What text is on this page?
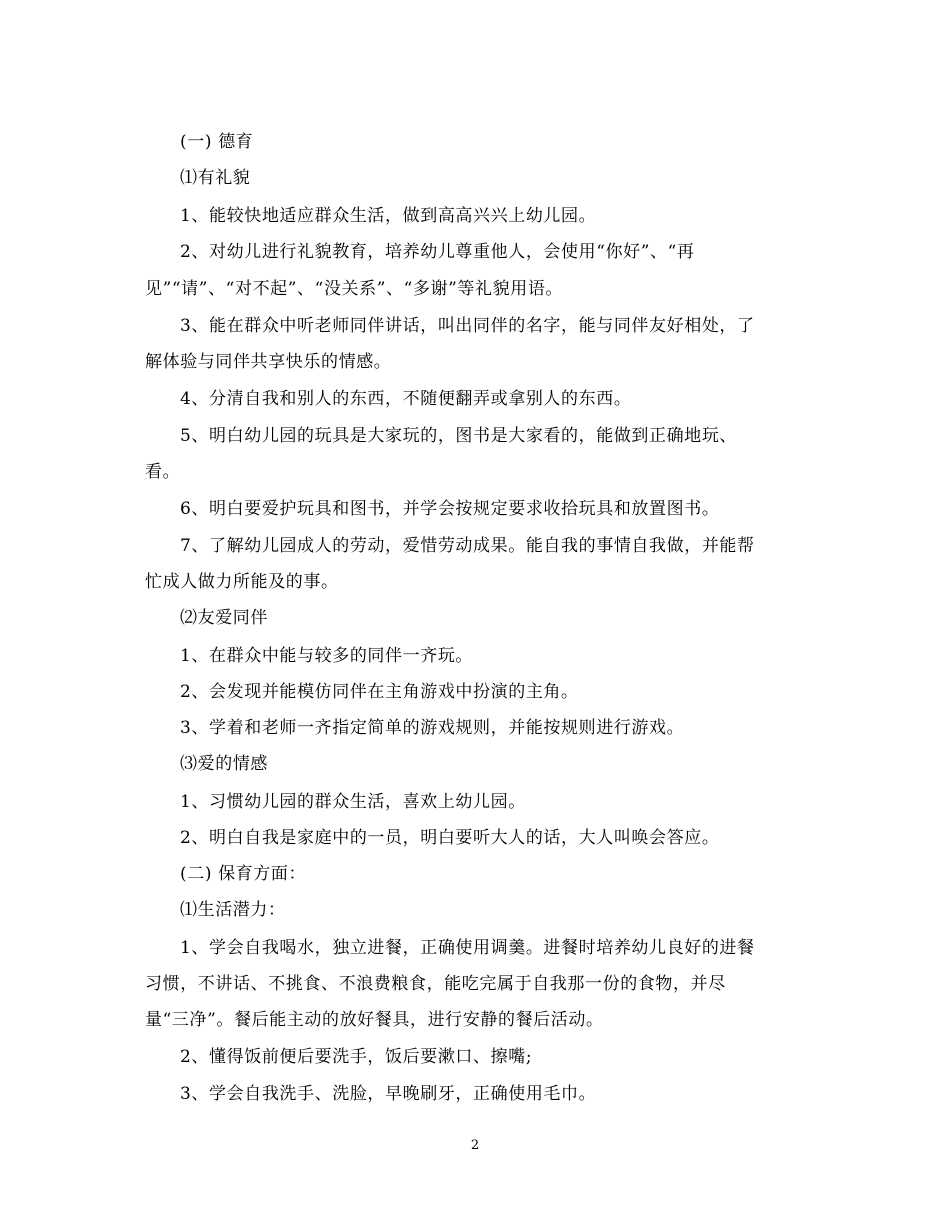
(一) 德育
⑴有礼貌
1、能较快地适应群众生活，做到高高兴兴上幼儿园。
2、对幼儿进行礼貌教育，培养幼儿尊重他人，会使用“你好”、“再
见”“请”、“对不起”、“没关系”、“多谢”等礼貌用语。
3、能在群众中听老师同伴讲话，叫出同伴的名字，能与同伴友好相处，了
解体验与同伴共享快乐的情感。
4、分清自我和别人的东西，不随便翻弄或拿别人的东西。
5、明白幼儿园的玩具是大家玩的，图书是大家看的，能做到正确地玩、
看。
6、明白要爱护玩具和图书，并学会按规定要求收拾玩具和放置图书。
7、了解幼儿园成人的劳动，爱惜劳动成果。能自我的事情自我做，并能帮
忙成人做力所能及的事。
⑵友爱同伴
1、在群众中能与较多的同伴一齐玩。
2、会发现并能模仿同伴在主角游戏中扮演的主角。
3、学着和老师一齐指定简单的游戏规则，并能按规则进行游戏。
⑶爱的情感
1、习惯幼儿园的群众生活，喜欢上幼儿园。
2、明白自我是家庭中的一员，明白要听大人的话，大人叫唤会答应。
(二) 保育方面：
⑴生活潜力：
1、学会自我喝水，独立进餐，正确使用调羹。进餐时培养幼儿良好的进餐
习惯，不讲话、不挑食、不浪费粮食，能吃完属于自我那一份的食物，并尽
量“三净”。餐后能主动的放好餐具，进行安静的餐后活动。
2、懂得饭前便后要洗手，饭后要漱口、擦嘴;
3、学会自我洗手、洗脸，早晚刷牙，正确使用毛巾。
2
